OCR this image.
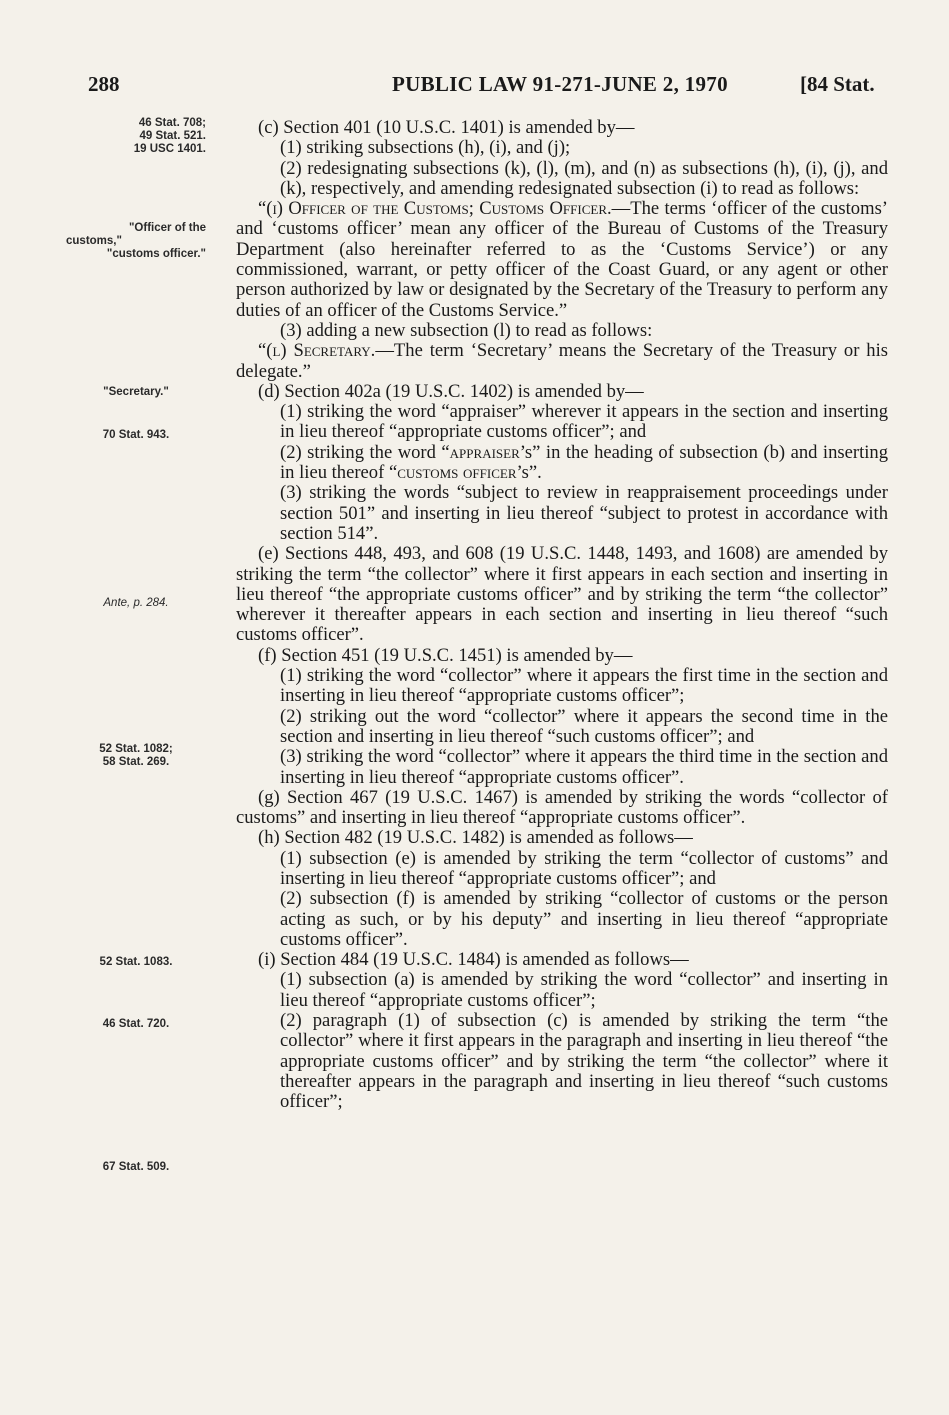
288	PUBLIC LAW 91-271-JUNE 2, 1970	[84 Stat.
46 Stat. 708;
49 Stat. 521.
19 USC 1401.
"Officer of the
customs,"
"customs officer."
"Secretary."
70 Stat. 943.
Ante, p. 284.
52 Stat. 1082;
58 Stat. 269.
52 Stat. 1083.
46 Stat. 720.
67 Stat. 509.

(c) Section 401 (10 U.S.C. 1401) is amended by—

(1) striking subsections (h), (i), and (j);

(2) redesignating subsections (k), (l), (m), and (n) as subsections (h), (i), (j), and (k), respectively, and amending redesignated subsection (i) to read as follows:

“(i) Officer of the Customs; Customs Officer.—The terms ‘officer of the customs’ and ‘customs officer’ mean any officer of the Bureau of Customs of the Treasury Department (also hereinafter referred to as the ‘Customs Service’) or any commissioned, warrant, or petty officer of the Coast Guard, or any agent or other person authorized by law or designated by the Secretary of the Treasury to perform any duties of an officer of the Customs Service.”

(3) adding a new subsection (l) to read as follows:

“(l) Secretary.—The term ‘Secretary’ means the Secretary of the Treasury or his delegate.”

(d) Section 402a (19 U.S.C. 1402) is amended by—

(1) striking the word “appraiser” wherever it appears in the section and inserting in lieu thereof “appropriate customs officer”; and

(2) striking the word “appraiser’s” in the heading of subsection (b) and inserting in lieu thereof “customs officer’s”.

(3) striking the words “subject to review in reappraisement proceedings under section 501” and inserting in lieu thereof “subject to protest in accordance with section 514”.

(e) Sections 448, 493, and 608 (19 U.S.C. 1448, 1493, and 1608) are amended by striking the term “the collector” where it first appears in each section and inserting in lieu thereof “the appropriate customs officer” and by striking the term “the collector” wherever it thereafter appears in each section and inserting in lieu thereof “such customs officer”.

(f) Section 451 (19 U.S.C. 1451) is amended by—

(1) striking the word “collector” where it appears the first time in the section and inserting in lieu thereof “appropriate customs officer”;

(2) striking out the word “collector” where it appears the second time in the section and inserting in lieu thereof “such customs officer”; and

(3) striking the word “collector” where it appears the third time in the section and inserting in lieu thereof “appropriate customs officer”.

(g) Section 467 (19 U.S.C. 1467) is amended by striking the words “collector of customs” and inserting in lieu thereof “appropriate customs officer”.

(h) Section 482 (19 U.S.C. 1482) is amended as follows—

(1) subsection (e) is amended by striking the term “collector of customs” and inserting in lieu thereof “appropriate customs officer”; and

(2) subsection (f) is amended by striking “collector of customs or the person acting as such, or by his deputy” and inserting in lieu thereof “appropriate customs officer”.

(i) Section 484 (19 U.S.C. 1484) is amended as follows—

(1) subsection (a) is amended by striking the word “collector” and inserting in lieu thereof “appropriate customs officer”;

(2) paragraph (1) of subsection (c) is amended by striking the term “the collector” where it first appears in the paragraph and inserting in lieu thereof “the appropriate customs officer” and by striking the term “the collector” where it thereafter appears in the paragraph and inserting in lieu thereof “such customs officer”;
